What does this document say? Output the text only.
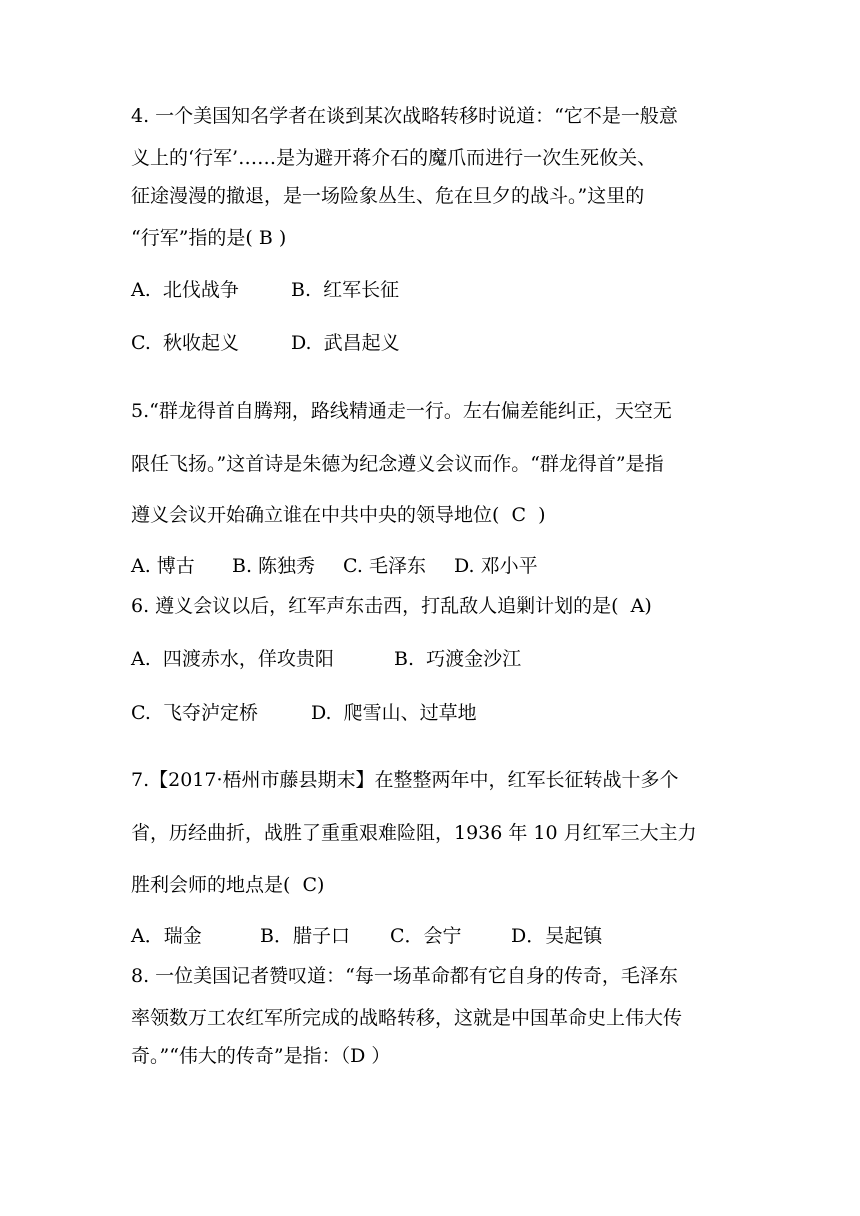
4. 一个美国知名学者在谈到某次战略转移时说道：“它不是一般意
义上的‘行军’……是为避开蒋介石的魔爪而进行一次生死攸关、
征途漫漫的撤退，是一场险象丛生、危在旦夕的战斗。”这里的
“行军”指的是( B )
A.  北伐战争	B.  红军长征
C.  秋收起义	D.  武昌起义
5.“群龙得首自腾翔，路线精通走一行。左右偏差能纠正，天空无
限任飞扬。”这首诗是朱德为纪念遵义会议而作。“群龙得首”是指
遵义会议开始确立谁在中共中央的领导地位(  C  )
A. 博古 B. 陈独秀 C. 毛泽东 D. 邓小平
6. 遵义会议以后，红军声东击西，打乱敌人追剿计划的是(  A)
A.  四渡赤水，佯攻贵阳	B.  巧渡金沙江
C.  飞夺泸定桥	D.  爬雪山、过草地
7.【2017·梧州市藤县期末】在整整两年中，红军长征转战十多个
省，历经曲折，战胜了重重艰难险阻，1936 年 10 月红军三大主力
胜利会师的地点是(  C)
A．瑞金	B．腊子口 C．会宁	D．吴起镇
8. 一位美国记者赞叹道：“每一场革命都有它自身的传奇，毛泽东
率领数万工农红军所完成的战略转移，这就是中国革命史上伟大传
奇。”“伟大的传奇”是指：（D ）
